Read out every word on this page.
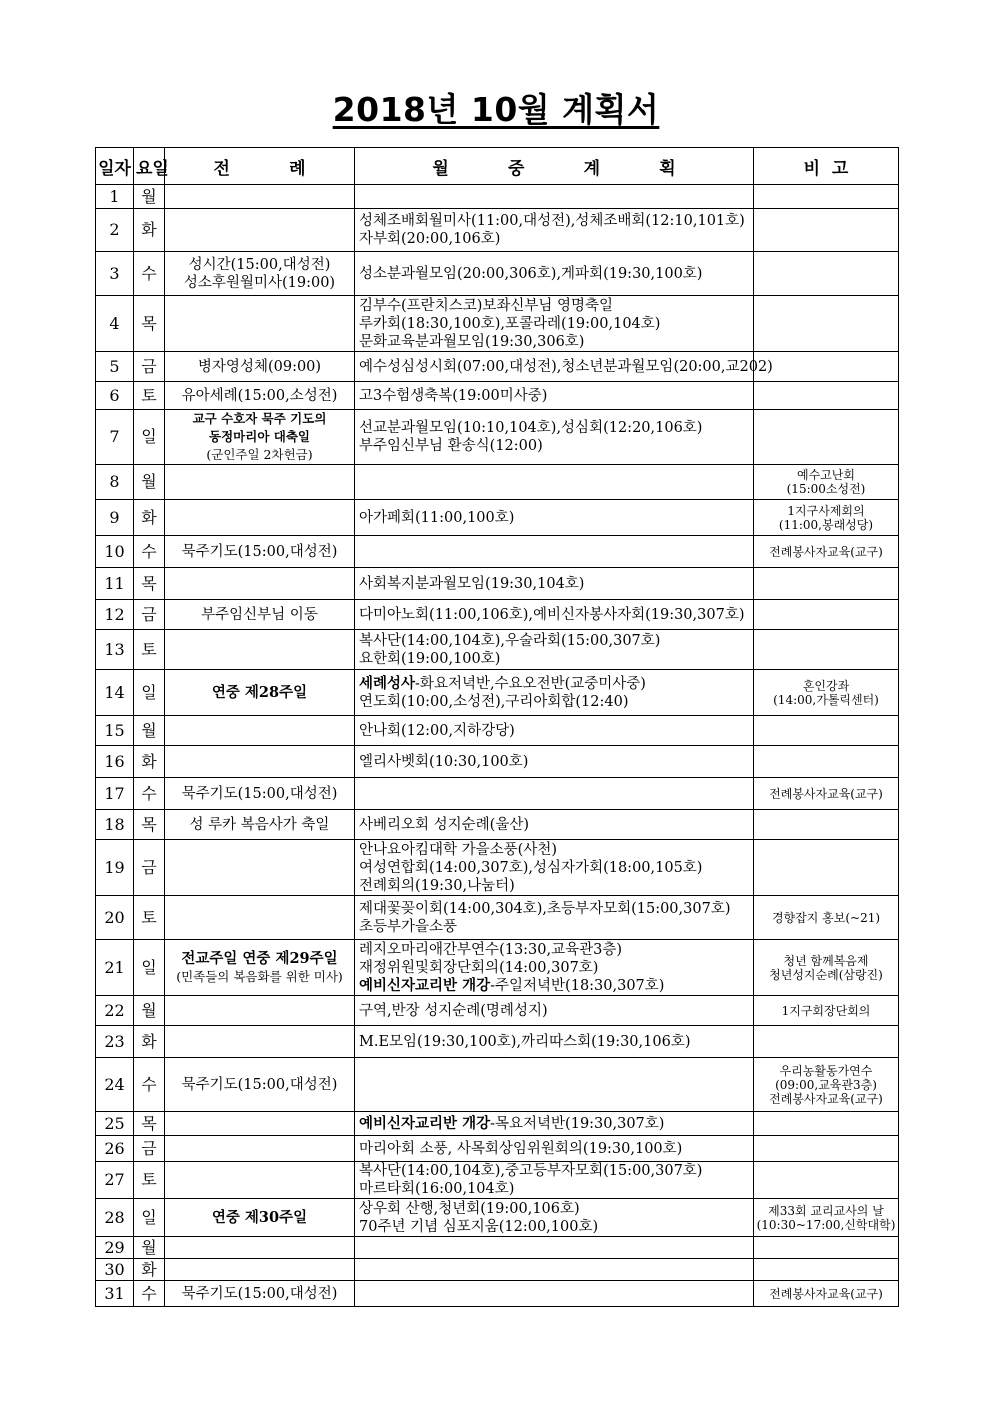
2018년 10월 계획서
일자	요일	전          례	월          중          계          획	비  고
1	월			
2	화		성체조배회월미사(11:00,대성전),성체조배회(12:10,101호)
자부회(20:00,106호)	

3	수	성시간(15:00,대성전)
성소후원월미사(19:00)	성소분과월모임(20:00,306호),게파회(19:30,100호)	

4	목		김부수(프란치스코)보좌신부님 영명축일
루카회(18:30,100호),포콜라레(19:00,104호)
문화교육분과월모임(19:30,306호)	

5	금	병자영성체(09:00)	예수성심성시회(07:00,대성전),청소년분과월모임(20:00,교202)	

6	토	유아세례(15:00,소성전)	고3수험생축복(19:00미사중)	

7	일	교구 수호자 묵주 기도의
동정마리아 대축일
(군인주일 2차헌금)	선교분과월모임(10:10,104호),성심회(12:20,106호)
부주임신부님 환송식(12:00)	

8	월			예수고난회
(15:00소성전)

9	화		아가페회(11:00,100호)	1지구사제회의
(11:00,봉래성당)

10	수	묵주기도(15:00,대성전)		전례봉사자교육(교구)

11	목		사회복지분과월모임(19:30,104호)	

12	금	부주임신부님 이동	다미아노회(11:00,106호),예비신자봉사자회(19:30,307호)	

13	토		복사단(14:00,104호),우술라회(15:00,307호)
요한회(19:00,100호)	

14	일	연중 제28주일	세례성사-화요저녁반,수요오전반(교중미사중)
연도회(10:00,소성전),구리아회합(12:40)	혼인강좌
(14:00,가톨릭센터)

15	월		안나회(12:00,지하강당)	

16	화		엘리사벳회(10:30,100호)	

17	수	묵주기도(15:00,대성전)		전례봉사자교육(교구)

18	목	성 루카 복음사가 축일	사베리오회 성지순례(울산)	

19	금		안나요아킴대학 가을소풍(사천)
여성연합회(14:00,307호),성심자가회(18:00,105호)
전례회의(19:30,나눔터)	

20	토		제대꽃꽂이회(14:00,304호),초등부자모회(15:00,307호)
초등부가을소풍	경향잡지 홍보(~21)

21	일	전교주일 연중 제29주일
(민족들의 복음화를 위한 미사)	레지오마리애간부연수(13:30,교육관3층)
재정위원및회장단회의(14:00,307호)
예비신자교리반 개강-주일저녁반(18:30,307호)	청년 함께복음제
청년성지순례(삼랑진)

22	월		구역,반장 성지순례(명례성지)	1지구회장단회의

23	화		M.E모임(19:30,100호),까리따스회(19:30,106호)	

24	수	묵주기도(15:00,대성전)		우리농활동가연수
(09:00,교육관3층)
전례봉사자교육(교구)

25	목		예비신자교리반 개강-목요저녁반(19:30,307호)	

26	금		마리아회 소풍, 사목회상임위원회의(19:30,100호)	

27	토		복사단(14:00,104호),중고등부자모회(15:00,307호)
마르타회(16:00,104호)	

28	일	연중 제30주일	상우회 산행,청년회(19:00,106호)
70주년 기념 심포지움(12:00,100호)	제33회 교리교사의 날
(10:30~17:00,신학대학)

29	월			
30	화			
31	수	묵주기도(15:00,대성전)		전례봉사자교육(교구)
